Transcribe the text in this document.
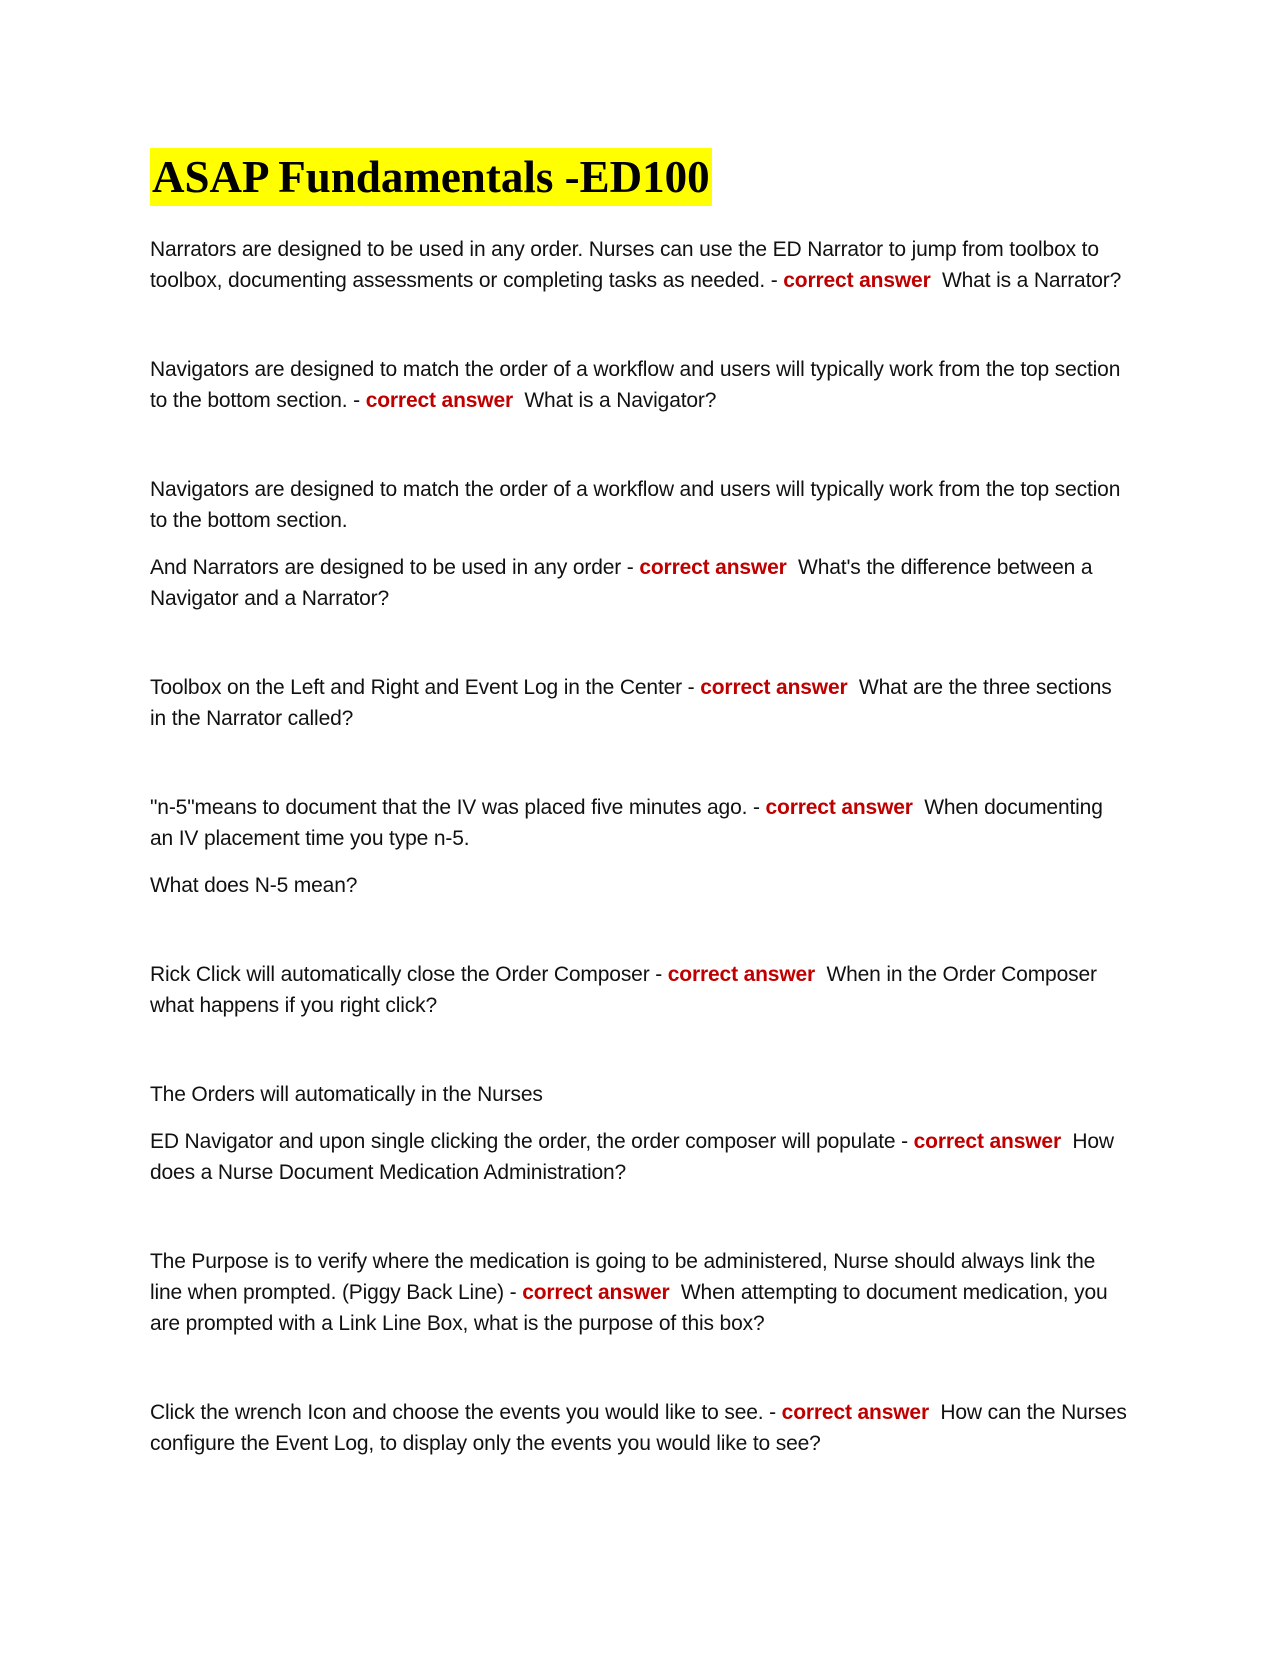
ASAP Fundamentals -ED100

Narrators are designed to be used in any order. Nurses can use the ED Narrator to jump from toolbox to toolbox, documenting assessments or completing tasks as needed. - correct answer What is a Narrator?

Navigators are designed to match the order of a workflow and users will typically work from the top section to the bottom section. - correct answer What is a Navigator?

Navigators are designed to match the order of a workflow and users will typically work from the top section to the bottom section.

And Narrators are designed to be used in any order - correct answer What's the difference between a Navigator and a Narrator?

Toolbox on the Left and Right and Event Log in the Center - correct answer What are the three sections in the Narrator called?

"n-5"means to document that the IV was placed five minutes ago. - correct answer When documenting an IV placement time you type n-5.

What does N-5 mean?

Rick Click will automatically close the Order Composer - correct answer When in the Order Composer what happens if you right click?

The Orders will automatically in the Nurses

ED Navigator and upon single clicking the order, the order composer will populate - correct answer How does a Nurse Document Medication Administration?

The Purpose is to verify where the medication is going to be administered, Nurse should always link the line when prompted. (Piggy Back Line) - correct answer When attempting to document medication, you are prompted with a Link Line Box, what is the purpose of this box?

Click the wrench Icon and choose the events you would like to see. - correct answer How can the Nurses configure the Event Log, to display only the events you would like to see?
